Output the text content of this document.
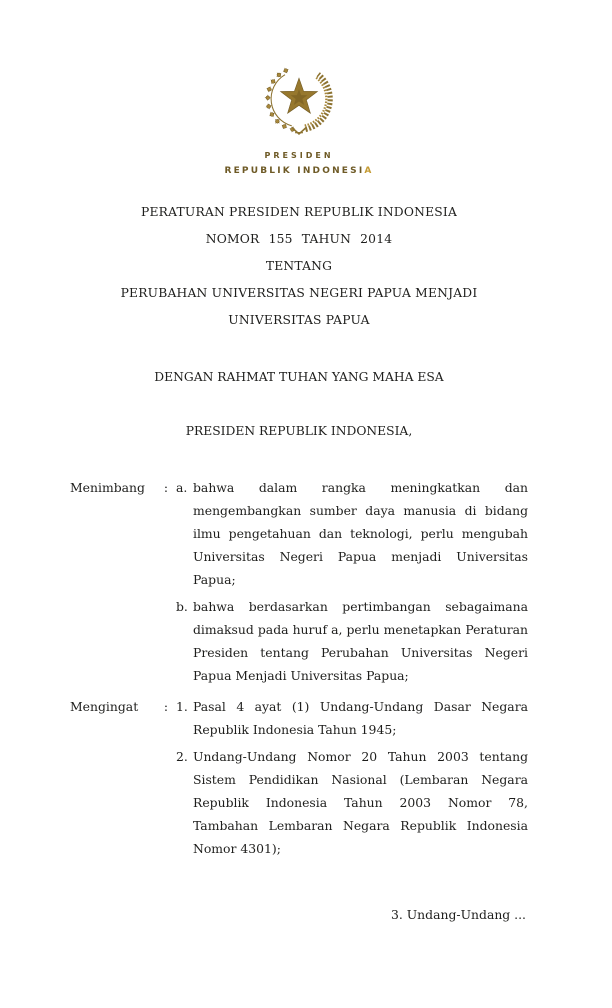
PRESIDEN
REPUBLIK INDONESIA
PERATURAN PRESIDEN REPUBLIK INDONESIA
NOMOR 155 TAHUN 2014
TENTANG
PERUBAHAN UNIVERSITAS NEGERI PAPUA MENJADI
UNIVERSITAS PAPUA
DENGAN RAHMAT TUHAN YANG MAHA ESA
PRESIDEN REPUBLIK INDONESIA,
Menimbang	: a. bahwa dalam rangka meningkatkan dan mengembangkan sumber daya manusia di bidang ilmu pengetahuan dan teknologi, perlu mengubah Universitas Negeri Papua menjadi Universitas Papua;
b. bahwa berdasarkan pertimbangan sebagaimana dimaksud pada huruf a, perlu menetapkan Peraturan Presiden tentang Perubahan Universitas Negeri Papua Menjadi Universitas Papua;
Mengingat	: 1. Pasal 4 ayat (1) Undang-Undang Dasar Negara Republik Indonesia Tahun 1945;
2. Undang-Undang Nomor 20 Tahun 2003 tentang Sistem Pendidikan Nasional (Lembaran Negara Republik Indonesia Tahun 2003 Nomor 78, Tambahan Lembaran Negara Republik Indonesia Nomor 4301);
3. Undang-Undang ...
